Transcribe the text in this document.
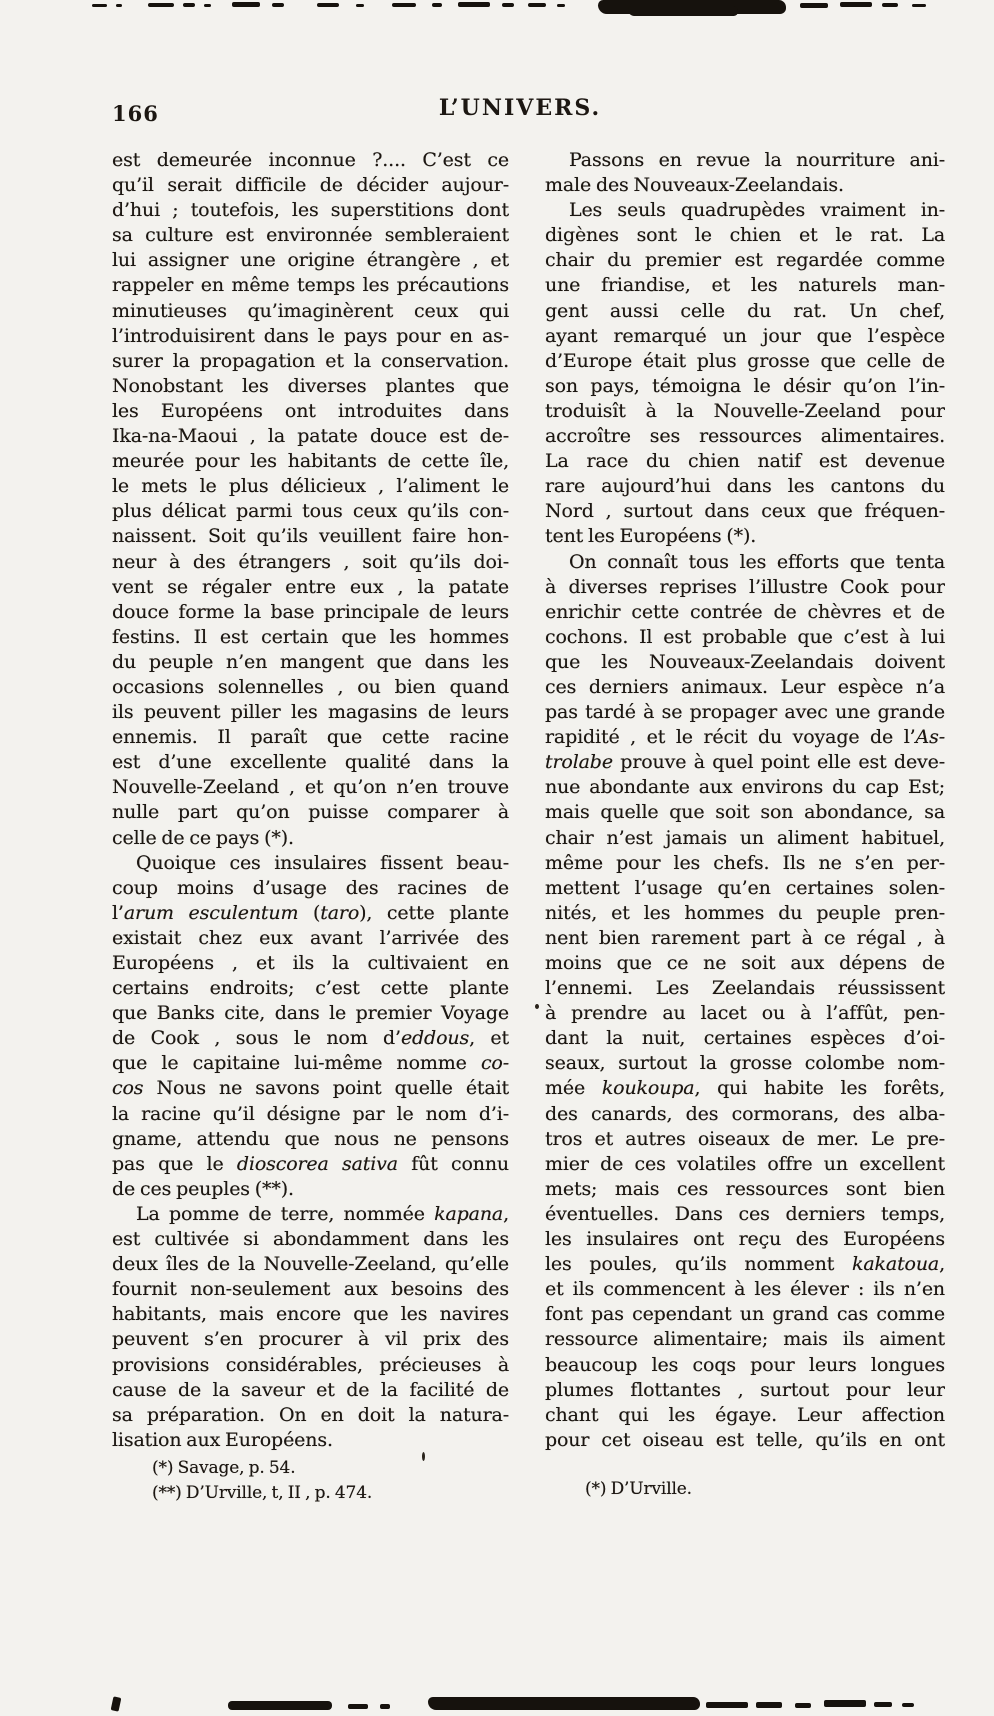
166	L’UNIVERS.
est demeurée inconnue ?.... C’est ce
qu’il serait difficile de décider aujour-
d’hui ; toutefois, les superstitions dont
sa culture est environnée sembleraient
lui assigner une origine étrangère , et
rappeler en même temps les précautions
minutieuses qu’imaginèrent ceux qui
l’introduisirent dans le pays pour en as-
surer la propagation et la conservation.
Nonobstant les diverses plantes que
les Européens ont introduites dans
Ika-na-Maoui , la patate douce est de-
meurée pour les habitants de cette île,
le mets le plus délicieux , l’aliment le
plus délicat parmi tous ceux qu’ils con-
naissent. Soit qu’ils veuillent faire hon-
neur à des étrangers , soit qu’ils doi-
vent se régaler entre eux , la patate
douce forme la base principale de leurs
festins. Il est certain que les hommes
du peuple n’en mangent que dans les
occasions solennelles , ou bien quand
ils peuvent piller les magasins de leurs
ennemis. Il paraît que cette racine
est d’une excellente qualité dans la
Nouvelle-Zeeland , et qu’on n’en trouve
nulle part qu’on puisse comparer à
celle de ce pays (*).
Quoique ces insulaires fissent beau-
coup moins d’usage des racines de
l’arum esculentum (taro), cette plante
existait chez eux avant l’arrivée des
Européens , et ils la cultivaient en
certains endroits; c’est cette plante
que Banks cite, dans le premier Voyage
de Cook , sous le nom d’eddous, et
que le capitaine lui-même nomme co-
cos Nous ne savons point quelle était
la racine qu’il désigne par le nom d’i-
gname, attendu que nous ne pensons
pas que le dioscorea sativa fût connu
de ces peuples (**).
La pomme de terre, nommée kapana,
est cultivée si abondamment dans les
deux îles de la Nouvelle-Zeeland, qu’elle
fournit non-seulement aux besoins des
habitants, mais encore que les navires
peuvent s’en procurer à vil prix des
provisions considérables, précieuses à
cause de la saveur et de la facilité de
sa préparation. On en doit la natura-
lisation aux Européens.
(*) Savage, p. 54.
(**) D’Urville, t, II , p. 474.
Passons en revue la nourriture ani-
male des Nouveaux-Zeelandais.
Les seuls quadrupèdes vraiment in-
digènes sont le chien et le rat. La
chair du premier est regardée comme
une friandise, et les naturels man-
gent aussi celle du rat. Un chef,
ayant remarqué un jour que l’espèce
d’Europe était plus grosse que celle de
son pays, témoigna le désir qu’on l’in-
troduisît à la Nouvelle-Zeeland pour
accroître ses ressources alimentaires.
La race du chien natif est devenue
rare aujourd’hui dans les cantons du
Nord , surtout dans ceux que fréquen-
tent les Européens (*).
On connaît tous les efforts que tenta
à diverses reprises l’illustre Cook pour
enrichir cette contrée de chèvres et de
cochons. Il est probable que c’est à lui
que les Nouveaux-Zeelandais doivent
ces derniers animaux. Leur espèce n’a
pas tardé à se propager avec une grande
rapidité , et le récit du voyage de l’As-
trolabe prouve à quel point elle est deve-
nue abondante aux environs du cap Est;
mais quelle que soit son abondance, sa
chair n’est jamais un aliment habituel,
même pour les chefs. Ils ne s’en per-
mettent l’usage qu’en certaines solen-
nités, et les hommes du peuple pren-
nent bien rarement part à ce régal , à
moins que ce ne soit aux dépens de
l’ennemi. Les Zeelandais réussissent
à prendre au lacet ou à l’affût, pen-
dant la nuit, certaines espèces d’oi-
seaux, surtout la grosse colombe nom-
mée koukoupa, qui habite les forêts,
des canards, des cormorans, des alba-
tros et autres oiseaux de mer. Le pre-
mier de ces volatiles offre un excellent
mets; mais ces ressources sont bien
éventuelles. Dans ces derniers temps,
les insulaires ont reçu des Européens
les poules, qu’ils nomment kakatoua,
et ils commencent à les élever : ils n’en
font pas cependant un grand cas comme
ressource alimentaire; mais ils aiment
beaucoup les coqs pour leurs longues
plumes flottantes , surtout pour leur
chant qui les égaye. Leur affection
pour cet oiseau est telle, qu’ils en ont
(*) D’Urville.
